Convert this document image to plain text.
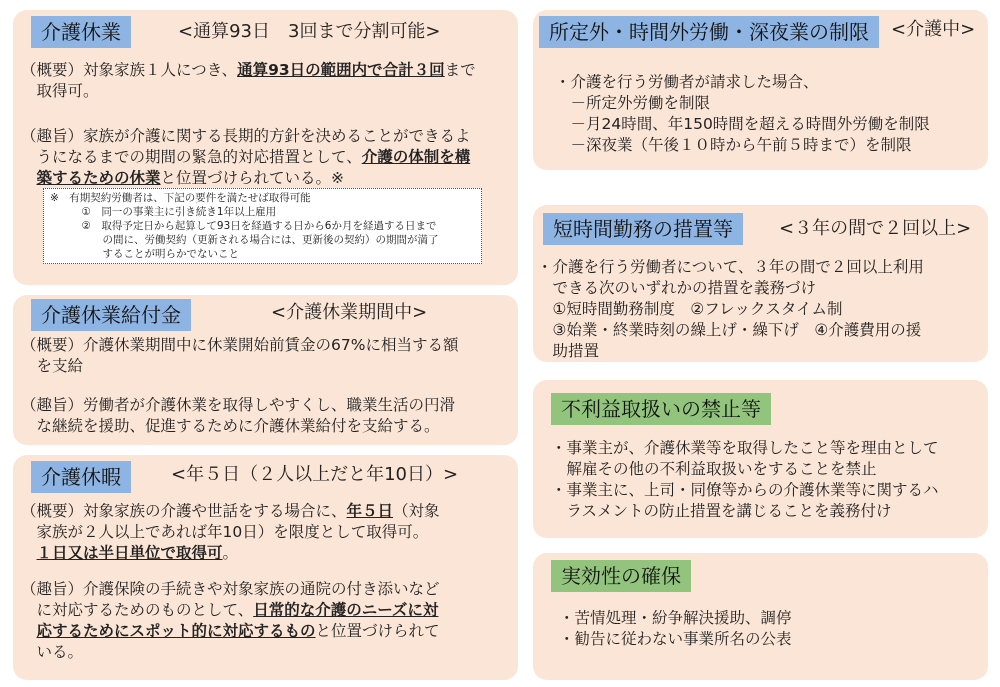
介護休業	<通算93日　3回まで分割可能>
（概要）対象家族１人につき、通算93日の範囲内で合計３回まで
　取得可。
（趣旨）家族が介護に関する長期的方針を決めることができるよ
　うになるまでの期間の緊急的対応措置として、介護の体制を構
　築するための休業と位置づけられている。※
※　有期契約労働者は、下記の要件を満たせば取得可能
　　　①　同一の事業主に引き続き1年以上雇用
　　　②　取得予定日から起算して93日を経過する日から6か月を経過する日まで
　　　　　の間に、労働契約（更新される場合には、更新後の契約）の期間が満了
　　　　　することが明らかでないこと
介護休業給付金	<介護休業期間中>
（概要）介護休業期間中に休業開始前賃金の67%に相当する額
　を支給
（趣旨）労働者が介護休業を取得しやすくし、職業生活の円滑
　な継続を援助、促進するために介護休業給付を支給する。
介護休暇	<年５日（２人以上だと年10日）>
（概要）対象家族の介護や世話をする場合に、年５日（対象
　家族が２人以上であれば年10日）を限度として取得可。
　１日又は半日単位で取得可。
（趣旨）介護保険の手続きや対象家族の通院の付き添いなど
　に対応するためのものとして、日常的な介護のニーズに対
　応するためにスポット的に対応するものと位置づけられて
　いる。
所定外・時間外労働・深夜業の制限	<介護中>
・介護を行う労働者が請求した場合、
　－所定外労働を制限
　－月24時間、年150時間を超える時間外労働を制限
　－深夜業（午後１０時から午前５時まで）を制限
短時間勤務の措置等	<３年の間で２回以上>
・介護を行う労働者について、３年の間で２回以上利用
　できる次のいずれかの措置を義務づけ
　①短時間勤務制度　②フレックスタイム制
　③始業・終業時刻の繰上げ・繰下げ　④介護費用の援
　助措置
不利益取扱いの禁止等
・事業主が、介護休業等を取得したこと等を理由として
　解雇その他の不利益取扱いをすることを禁止
・事業主に、上司・同僚等からの介護休業等に関するハ
　ラスメントの防止措置を講じることを義務付け
実効性の確保
・苦情処理・紛争解決援助、調停
・勧告に従わない事業所名の公表
